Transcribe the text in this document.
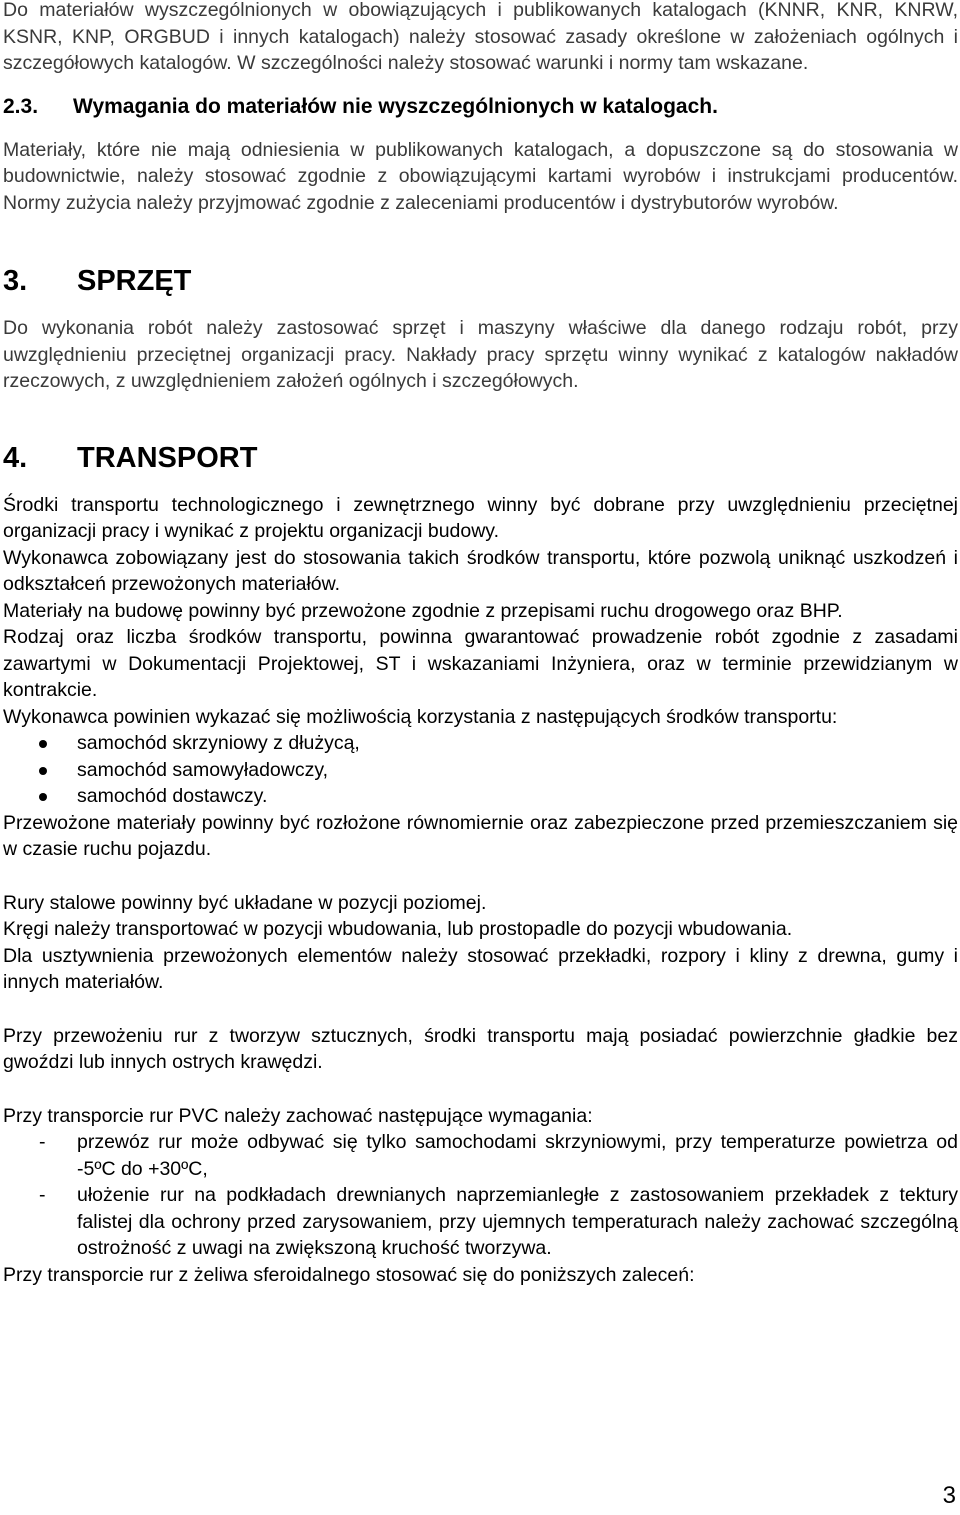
Do materiałów wyszczególnionych w obowiązujących i publikowanych katalogach (KNNR, KNR, KNRW, KSNR, KNP, ORGBUD i innych katalogach) należy stosować zasady określone w założeniach ogólnych i szczegółowych katalogów. W szczególności należy stosować warunki i normy tam wskazane.

2.3. Wymagania do materiałów nie wyszczególnionych w katalogach.

Materiały, które nie mają odniesienia w publikowanych katalogach, a dopuszczone są do stosowania w budownictwie, należy stosować zgodnie z obowiązującymi kartami wyrobów i instrukcjami producentów. Normy zużycia należy przyjmować zgodnie z zaleceniami producentów i dystrybutorów wyrobów.

3. SPRZĘT

Do wykonania robót należy zastosować sprzęt i maszyny właściwe dla danego rodzaju robót, przy uwzględnieniu przeciętnej organizacji pracy. Nakłady pracy sprzętu winny wynikać z katalogów nakładów rzeczowych, z uwzględnieniem założeń ogólnych i szczegółowych.

4. TRANSPORT

Środki transportu technologicznego i zewnętrznego winny być dobrane przy uwzględnieniu przeciętnej organizacji pracy i wynikać z projektu organizacji budowy.

Wykonawca zobowiązany jest do stosowania takich środków transportu, które pozwolą uniknąć uszkodzeń i odkształceń przewożonych materiałów.

Materiały na budowę powinny być przewożone zgodnie z przepisami ruchu drogowego oraz BHP.

Rodzaj oraz liczba środków transportu, powinna gwarantować prowadzenie robót zgodnie z zasadami zawartymi w Dokumentacji Projektowej, ST i wskazaniami Inżyniera, oraz w terminie przewidzianym w kontrakcie.

Wykonawca powinien wykazać się możliwością korzystania z następujących środków transportu:

samochód skrzyniowy z dłużycą,
samochód samowyładowczy,
samochód dostawczy.

Przewożone materiały powinny być rozłożone równomiernie oraz zabezpieczone przed przemieszczaniem się w czasie ruchu pojazdu.

Rury stalowe powinny być układane w pozycji poziomej.

Kręgi należy transportować w pozycji wbudowania, lub prostopadle do pozycji wbudowania.

Dla usztywnienia przewożonych elementów należy stosować przekładki, rozpory i kliny z drewna, gumy i innych materiałów.

Przy przewożeniu rur z tworzyw sztucznych, środki transportu mają posiadać powierzchnie gładkie bez gwoździ lub innych ostrych krawędzi.

Przy transporcie rur PVC należy zachować następujące wymagania:

- przewóz rur może odbywać się tylko samochodami skrzyniowymi, przy temperaturze powietrza od -5ºC do +30ºC,
- ułożenie rur na podkładach drewnianych naprzemianległe z zastosowaniem przekładek z tektury falistej dla ochrony przed zarysowaniem, przy ujemnych temperaturach należy zachować szczególną ostrożność z uwagi na zwiększoną kruchość tworzywa.

Przy transporcie rur z żeliwa sferoidalnego stosować się do poniższych zaleceń:

3
